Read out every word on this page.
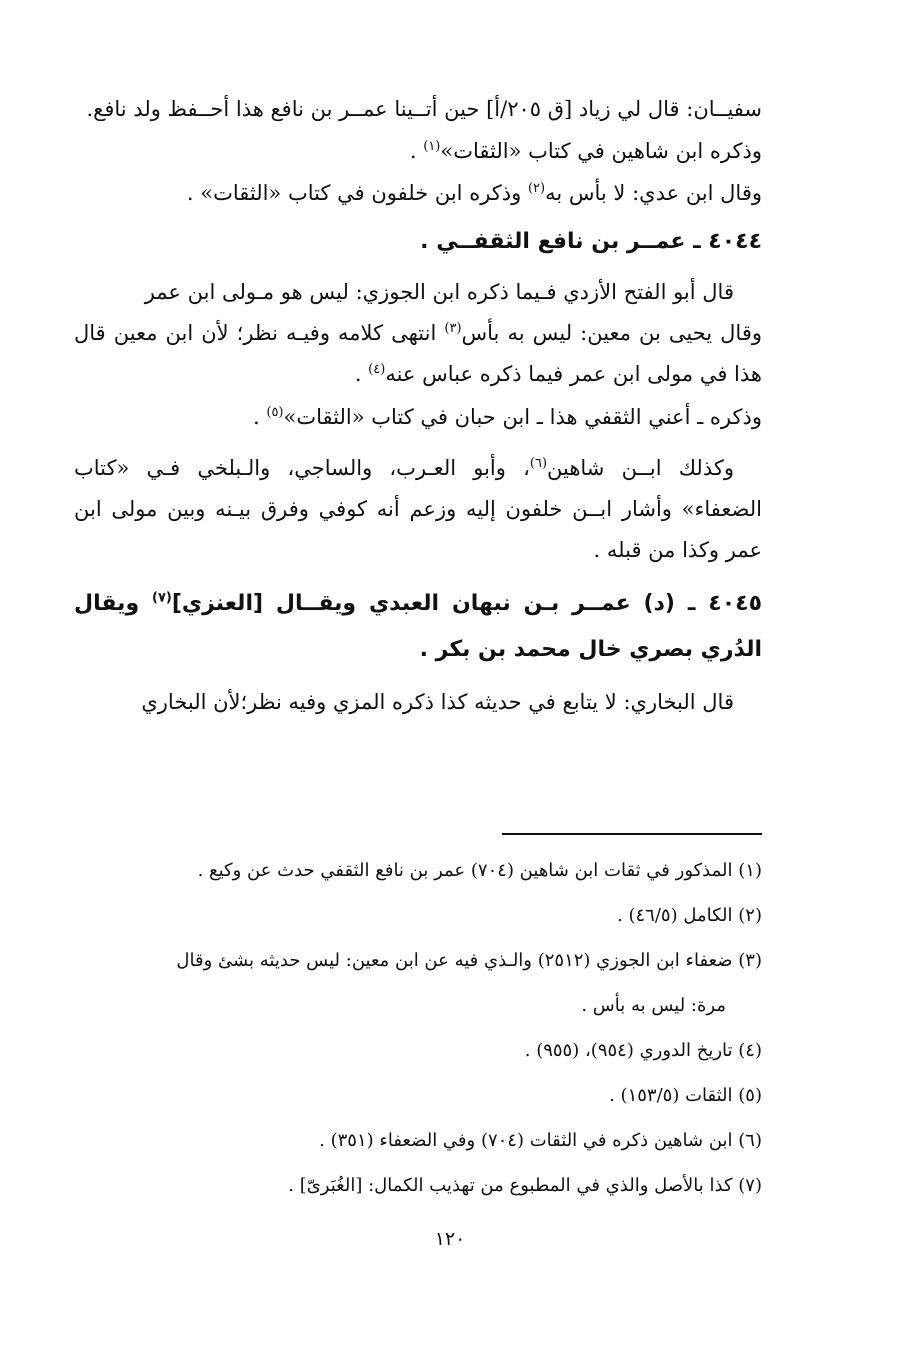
سفيــان: قال لي زياد [ق ٢٠٥/أ] حين أتــينا عمــر بن نافع هذا أحــفظ ولد نافع.

وذكره ابن شاهين في كتاب «الثقات»$^{(١)}$ .

وقال ابن عدي: لا بأس به$^{(٢)}$ وذكره ابن خلفون في كتاب «الثقات» .

٤٠٤٤ ـ عمــر بن نافع الثقفــي .

قال أبو الفتح الأزدي فـيما ذكره ابن الجوزي: ليس هو مـولى ابن عمر

وقال يحيى بن معين: ليس به بأس$^{(٣)}$ انتهى كلامه وفيـه نظر؛ لأن ابن معين قال هذا في مولى ابن عمر فيما ذكره عباس عنه$^{(٤)}$ .

وذكره ـ أعني الثقفي هذا ـ ابن حبان في كتاب «الثقات»$^{(٥)}$ .

وكذلك ابــن شاهين$^{(٦)}$، وأبو العـرب، والساجي، والـبلخي فـي «كتاب الضعفاء» وأشار ابــن خلفون إليه وزعم أنه كوفي وفرق بيـنه وبين مولى ابن عمر وكذا من قبله .

٤٠٤٥ ـ (د) عمــر بـن نبهان العبدي ويقــال [العنزي]$^{(٧)}$ ويقال الدُري بصري خال محمد بن بكر .

قال البخاري: لا يتابع في حديثه كذا ذكره المزي وفيه نظر؛لأن البخاري

(١) المذكور في ثقات ابن شاهين (٧٠٤) عمر بن نافع الثقفي حدث عن وكيع .

(٢) الكامل (٤٦/٥) .

(٣) ضعفاء ابن الجوزي (٢٥١٢) والـذي فيه عن ابن معين: ليس حديثه بشئ وقال
مرة: ليس به بأس .

(٤) تاريخ الدوري (٩٥٤)، (٩٥٥) .

(٥) الثقات (١٥٣/٥) .

(٦) ابن شاهين ذكره في الثقات (٧٠٤) وفي الضعفاء (٣٥١) .

(٧) كذا بالأصل والذي في المطبوع من تهذيب الكمال: [الغُبَرىّ] .

١٢٠
